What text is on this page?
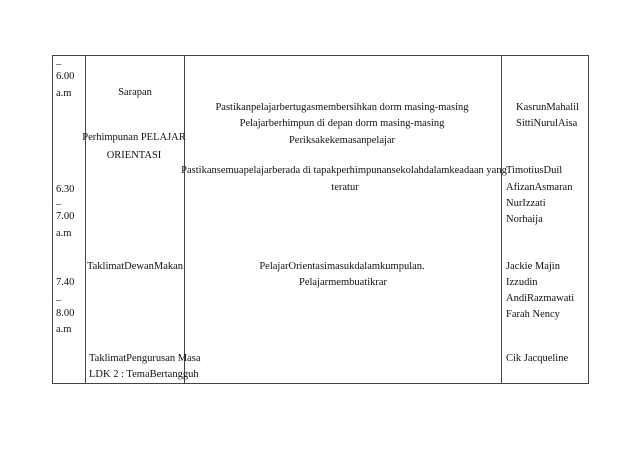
–
6.00
a.m
6.30
–
7.00
a.m
7.40
–
8.00
a.m
Sarapan
Perhimpunan PELAJAR
ORIENTASI
TaklimatDewanMakan
TaklimatPengurusan Masa
LDK 2 : TemaBertangguh
Pastikanpelajarbertugasmembersihkan dorm masing-masing
Pelajarberhimpun di depan dorm masing-masing
Periksakekemasanpelajar
Pastikansemuapelajarberada di tapakperhimpunansekolahdalamkeadaan yang
teratur
PelajarOrientasimasukdalamkumpulan.
Pelajarmembuatikrar
KasrunMahalil
SittiNurulAisa
TimotiusDuil
AfizanAsmaran
NurIzzati
Norhaija
Jackie Majin
Izzudin
AndiRazmawati
Farah Nency
Cik Jacqueline
